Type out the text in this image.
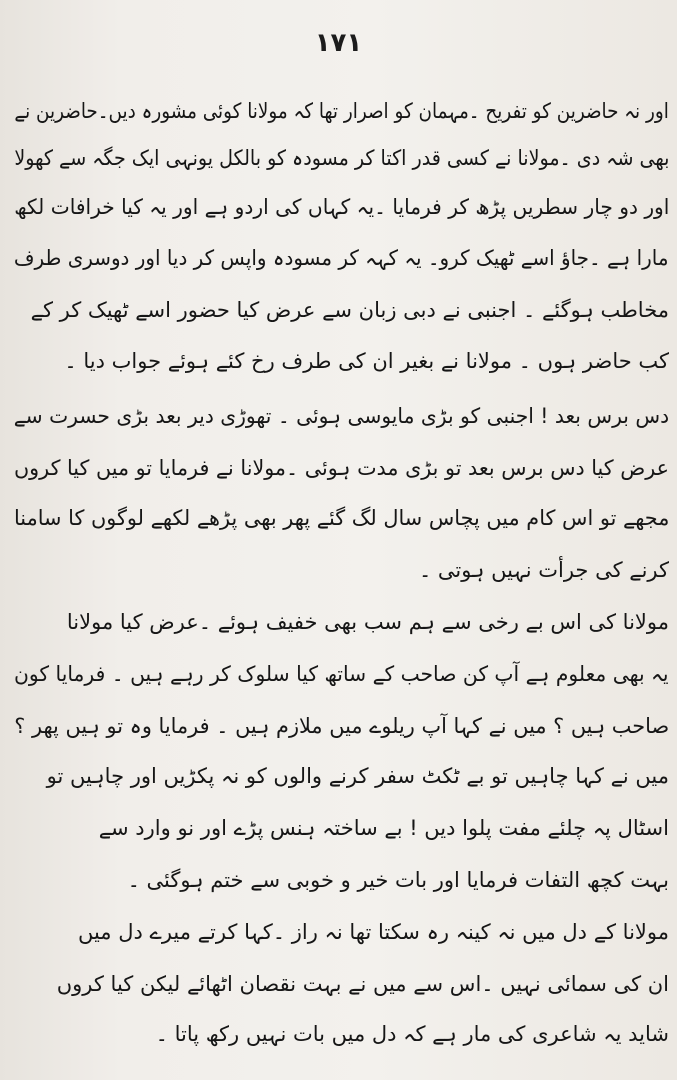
۱۷۱
اور نہ حاضرین کو تفریح ۔مہمان کو اصرار تھا کہ مولانا کوئی مشورہ دیں۔حاضرین نے
بھی شہ دی ۔مولانا نے کسی قدر اکتا کر مسودہ کو بالکل یونہی ایک جگہ سے کھولا
اور دو چار سطریں پڑھ کر فرمایا ۔یہ کہاں کی اردو ہے اور یہ کیا خرافات لکھ
مارا ہے ۔جاؤ اسے ٹھیک کرو۔ یہ کہہ کر مسودہ واپس کر دیا اور دوسری طرف
مخاطب ہوگئے ۔ اجنبی نے دبی زبان سے عرض کیا حضور اسے ٹھیک کر کے
کب حاضر ہوں ۔ مولانا نے بغیر ان کی طرف رخ کئے ہوئے جواب دیا ۔
دس برس بعد ! اجنبی کو بڑی مایوسی ہوئی ۔ تھوڑی دیر بعد بڑی حسرت سے
عرض کیا دس برس بعد تو بڑی مدت ہوئی ۔مولانا نے فرمایا تو میں کیا کروں
مجھے تو اس کام میں پچاس سال لگ گئے پھر بھی پڑھے لکھے لوگوں کا سامنا
کرنے کی جرأت نہیں ہوتی ۔
مولانا کی اس بے رخی سے ہم سب بھی خفیف ہوئے ۔عرض کیا مولانا
یہ بھی معلوم ہے آپ کن صاحب کے ساتھ کیا سلوک کر رہے ہیں ۔ فرمایا کون
صاحب ہیں ؟ میں نے کہا آپ ریلوے میں ملازم ہیں ۔ فرمایا وہ تو ہیں پھر ؟
میں نے کہا چاہیں تو بے ٹکٹ سفر کرنے والوں کو نہ پکڑیں اور چاہیں تو
اسٹال پہ چلئے مفت پلوا دیں ! بے ساختہ ہنس پڑے اور نو وارد سے
بہت کچھ التفات فرمایا اور بات خیر و خوبی سے ختم ہوگئی ۔
مولانا کے دل میں نہ کینہ رہ سکتا تھا نہ راز ۔کہا کرتے میرے دل میں
ان کی سمائی نہیں ۔اس سے میں نے بہت نقصان اٹھائے لیکن کیا کروں
شاید یہ شاعری کی مار ہے کہ دل میں بات نہیں رکھ پاتا ۔
